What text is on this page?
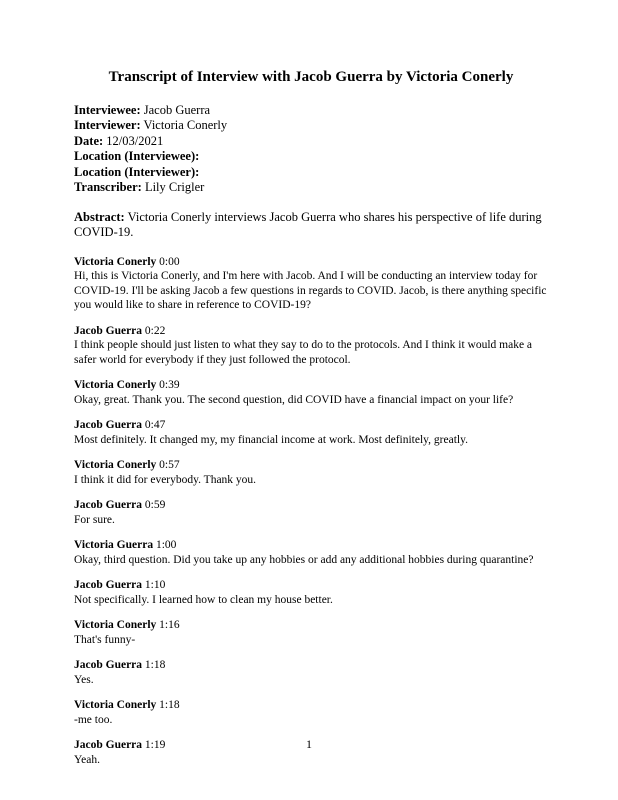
Transcript of Interview with Jacob Guerra by Victoria Conerly
Interviewee: Jacob Guerra
Interviewer: Victoria Conerly
Date: 12/03/2021
Location (Interviewee):
Location (Interviewer):
Transcriber: Lily Crigler
Abstract: Victoria Conerly interviews Jacob Guerra who shares his perspective of life during COVID-19.
Victoria Conerly 0:00
Hi, this is Victoria Conerly, and I'm here with Jacob. And I will be conducting an interview today for COVID-19. I'll be asking Jacob a few questions in regards to COVID. Jacob, is there anything specific you would like to share in reference to COVID-19?
Jacob Guerra 0:22
I think people should just listen to what they say to do to the protocols. And I think it would make a safer world for everybody if they just followed the protocol.
Victoria Conerly 0:39
Okay, great. Thank you. The second question, did COVID have a financial impact on your life?
Jacob Guerra 0:47
Most definitely. It changed my, my financial income at work. Most definitely, greatly.
Victoria Conerly 0:57
I think it did for everybody. Thank you.
Jacob Guerra 0:59
For sure.
Victoria Guerra 1:00
Okay, third question. Did you take up any hobbies or add any additional hobbies during quarantine?
Jacob Guerra 1:10
Not specifically. I learned how to clean my house better.
Victoria Conerly 1:16
That's funny-
Jacob Guerra 1:18
Yes.
Victoria Conerly 1:18
-me too.
Jacob Guerra 1:19
Yeah.
1
